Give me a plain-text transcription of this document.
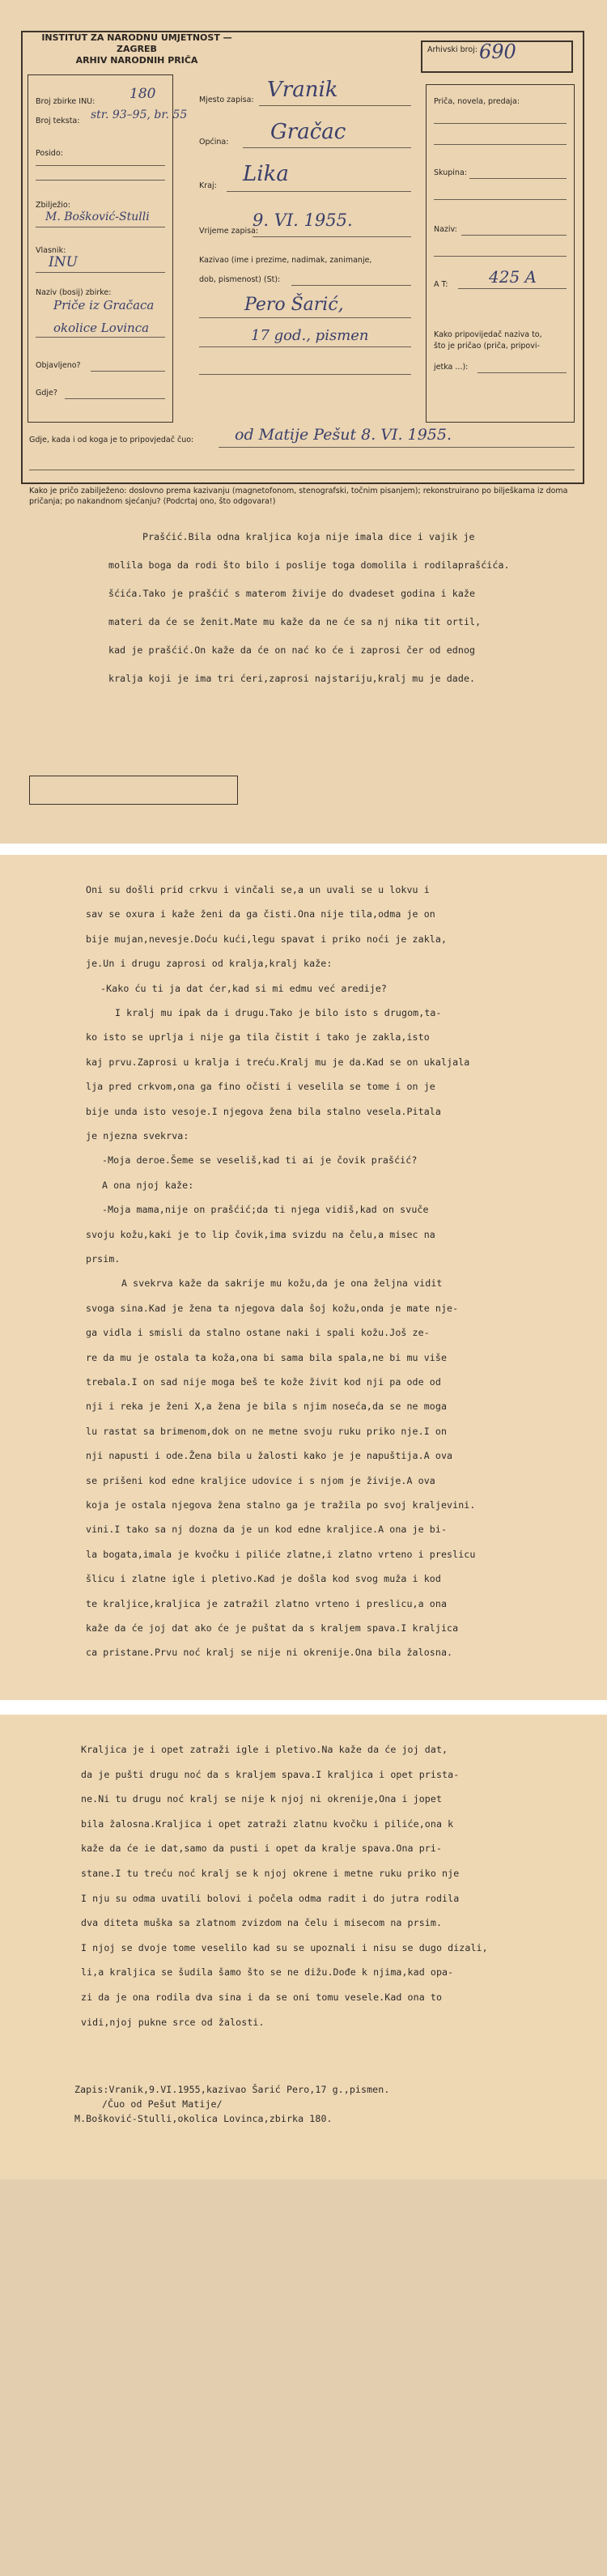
INSTITUT ZA NARODNU UMJETNOST — ZAGREB
ARHIV NARODNIH PRIČA
Arhivski broj: 690
Broj zbirke INU:	180
Broj teksta: str. 93–95, br. 55
Posido:
Zbilježio:
M. Bošković-Stulli
Vlasnik:
INU
Naziv (bosij) zbirke:
Priče iz Gračaca
okolice Lovinca
Objavljeno?
Gdje?
Mjesto zapisa: Vranik
Općina: Gračac
Kraj: Lika
Vrijeme zapisa:
9. VI. 1955.
Kazivao (ime i prezime, nadimak, zanimanje,
dob, pismenost) (St):
Pero Šarić,
17 god., pismen
Priča, novela, predaja:
Skupina:
Naziv:
A T:	425 A
Kako pripovijedač naziva to,
što je pričao (priča, pripovi-
jetka ...):
Gdje, kada i od koga je to pripovjedač čuo:	od Matije Pešut 8. VI. 1955.
Kako je pričo zabilježeno: doslovno prema kazivanju (magnetofonom, stenografski, točnim pisanjem); rekonstruirano po bilješkama iz doma pričanja; po nakandnom sjećanju? (Podcrtaj ono, što odgovara!)
Prašćić.Bila odna kraljica koja nije imala dice i vajik je
molila boga da rodi što bilo i poslije toga domolila i rodilaprašćića.
šćića.Tako je prašćić s materom živije do dvadeset godina i kaže
materi da će se ženit.Mate mu kaže da ne će sa nj nika tit ortil,
kad je prašćić.On kaže da će on nać ko će i zaprosi čer od ednog
kralja koji je ima tri ćeri,zaprosi najstariju,kralj mu je dade.
Oni su došli prid crkvu i vinčali se,a un uvali se u lokvu i
sav se oxura i kaže ženi da ga čisti.Ona nije tila,odma je on
bije mujan,nevesje.Doću kući,legu spavat i priko noći je zakla,
je.Un i drugu zaprosi od kralja,kralj kaže:
-Kako ću ti ja dat ćer,kad si mi edmu već aredije?
I kralj mu ipak da i drugu.Tako je bilo isto s drugom,ta-
ko isto se uprlja i nije ga tila čistit i tako je zakla,isto
kaj prvu.Zaprosi u kralja i treću.Kralj mu je da.Kad se on ukaljala
lja pred crkvom,ona ga fino očisti i veselila se tome i on je
bije unda isto vesoje.I njegova žena bila stalno vesela.Pitala
je njezna svekrva:
-Moja deroe.Šeme se veseliš,kad ti ai je čovik prašćić?
A ona njoj kaže:
-Moja mama,nije on prašćić;da ti njega vidiš,kad on svuče
svoju kožu,kaki je to lip čovik,ima svizdu na čelu,a misec na
prsim.
A svekrva kaže da sakrije mu kožu,da je ona željna vidit
svoga sina.Kad je žena ta njegova dala ŝoj kožu,onda je mate nje-
ga vidla i smisli da stalno ostane naki i spali kožu.Još ze-
re da mu je ostala ta koža,ona bi sama bila spala,ne bi mu više
trebala.I on sad nije moga beš te kože živit kod nji pa ode od
nji i reka je ženi X,a žena je bila s njim noseća,da se ne moga
lu rastat sa brimenom,dok on ne metne svoju ruku priko nje.I on
nji napusti i ode.Žena bila u žalosti kako je je napuštija.A ova
se prišeni kod edne kraljice udovice i s njom je živije.A ova
koja je ostala njegova žena stalno ga je tražila po svoj kraljevini.
vini.I tako sa nj dozna da je un kod edne kraljice.A ona je bi-
la bogata,imala je kvočku i piliće zlatne,i zlatno vrteno i preslicu
šlicu i zlatne igle i pletivo.Kad je došla kod svog muža i kod
te kraljice,kraljica je zatražil zlatno vrteno i preslicu,a ona
kaže da će joj dat ako će je puštat da s kraljem spava.I kraljica
ca pristane.Prvu noć kralj se nije ni okrenije.Ona bila žalosna.
Kraljica je i opet zatraži igle i pletivo.Na kaže da će joj dat,
da je pušti drugu noć da s kraljem spava.I kraljica i opet prista-
ne.Ni tu drugu noć kralj se nije k njoj ni okrenije,Ona i jopet
bila žalosna.Kraljica i opet zatraži zlatnu kvočku i piliće,ona k
kaže da će ie dat,samo da pusti i opet da kralje spava.Ona pri-
stane.I tu treću noć kralj se k njoj okrene i metne ruku priko nje
I nju su odma uvatili bolovi i počela odma radit i do jutra rodila
dva diteta muška sa zlatnom zvizdom na čelu i misecom na prsim.
I njoj se dvoje tome veselilo kad su se upoznali i nisu se dugo dizali,
li,a kraljica se šudila šamo što se ne dižu.Dođe k njima,kad opa-
zi da je ona rodila dva sina i da se oni tomu vesele.Kad ona to
vidi,njoj pukne srce od žalosti.
Zapis:Vranik,9.VI.1955,kazivao Šarić Pero,17 g.,pismen.
/Čuo od Pešut Matije/
M.Bošković-Stulli,okolica Lovinca,zbirka 180.
